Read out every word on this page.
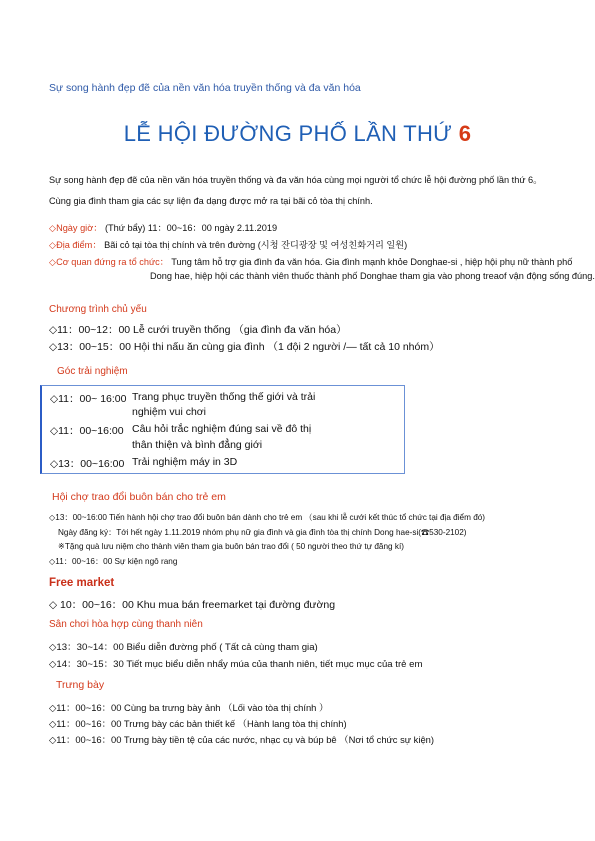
Sự song hành đẹp đẽ của nền văn hóa truyền thống và đa văn hóa
LỄ HỘI ĐƯỜNG PHỐ LẦN THỨ 6
Sự song hành đẹp đẽ của nền văn hóa truyền thống và đa văn hóa cùng mọi người tổ chức lễ hội đường phố lần thứ 6。
Cùng gia đình tham gia các sự liện đa dạng được mở ra tại bãi cỏ tòa thị chính.
◇Ngày giờ： (Thứ bẩy) 11：00~16：00 ngày 2.11.2019
◇Địa điểm： Bãi cỏ tại tòa thị chính và trên đường (시청 잔디광장 및 여성친화거리 일원)
◇Cơ quan đứng ra tổ chức： Tung tâm hỗ trợ gia đình đa văn hóa. Gia đình mạnh khỏe Donghae-si , hiệp hội phụ nữ thành phố
Dong hae, hiệp hội các thành viên thuốc thành phố Donghae tham gia vào phong treaof vận động sống đúng.
Chương trình chủ yếu
◇11：00~12：00 Lễ cưới truyền thống （gia đình đa văn hóa）
◇13：00~15：00 Hội thi nấu ăn cùng gia đình （1 đội 2 người /— tất cả 10 nhóm）
Góc trải nghiệm
◇11：00~ 16:00 Trang phục truyền thống thế giới và trải
nghiệm vui chơi
◇11：00~16:00 Câu hỏi trắc nghiệm đúng sai về đô thị
thân thiện và bình đẳng giới
◇13：00~16:00 Trải nghiệm máy in 3D
Hội chợ trao đổi buôn bán cho trẻ em
◇13：00~16:00 Tiến hành hội chợ trao đổi buôn bán dành cho trẻ em （sau khi lễ cưới kết thúc tổ chức tại địa điểm đó)
Ngày đăng ký：Tới hết ngày 1.11.2019 nhóm phụ nữ gia đình và gia đình tòa thị chính Dong hae-si(☎530-2102)
※Tặng quà lưu niệm cho thành viên tham gia buôn bán trao đổi ( 50 người theo thứ tự đăng kí)
◇11：00~16：00 Sự kiện ngô rang
Free market
◇ 10：00~16：00 Khu mua bán freemarket tại đường đường
Sân chơi hòa hợp cùng thanh niên
◇13：30~14：00 Biểu diễn đường phố ( Tất cả cùng tham gia)
◇14：30~15：30 Tiết mục biểu diễn nhẩy múa của thanh niên, tiết mục mục của trẻ em
Trưng bày
◇11：00~16：00 Cùng ba trưng bày ảnh （Lối vào tòa thị chính ）
◇11：00~16：00 Trưng bày các bản thiết kế （Hành lang tòa thị chính)
◇11：00~16：00 Trưng bày tiền tệ của các nước, nhạc cụ và búp bê （Nơi tổ chức sự kiện)
